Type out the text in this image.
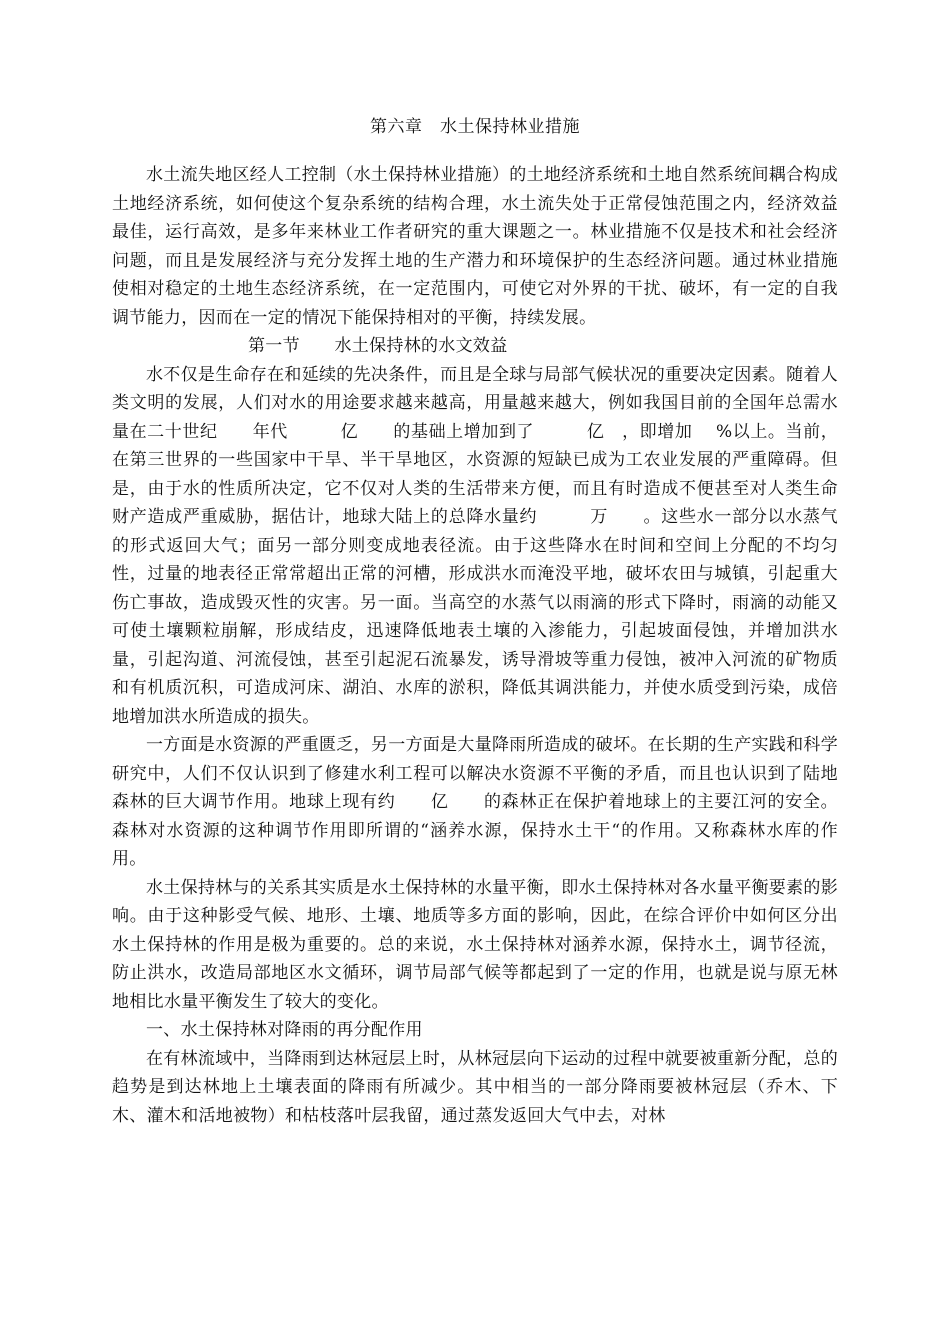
第六章　水土保持林业措施

水土流失地区经人工控制（水土保持林业措施）的土地经济系统和土地自然系统间耦合构成土地经济系统，如何使这个复杂系统的结构合理，水土流失处于正常侵蚀范围之内，经济效益最佳，运行高效，是多年来林业工作者研究的重大课题之一。林业措施不仅是技术和社会经济问题，而且是发展经济与充分发挥土地的生产潜力和环境保护的生态经济问题。通过林业措施使相对稳定的土地生态经济系统，在一定范围内，可使它对外界的干扰、破坏，有一定的自我调节能力，因而在一定的情况下能保持相对的平衡，持续发展。

第一节　　水土保持林的水文效益

水不仅是生命存在和延续的先决条件，而且是全球与局部气候状况的重要决定因素。随着人类文明的发展，人们对水的用途要求越来越高，用量越来越大，例如我国目前的全国年总需水量在二十世纪　　年代　　　亿　　的基础上增加到了　　　亿　，即增加　 %以上。当前，在第三世界的一些国家中干旱、半干旱地区，水资源的短缺已成为工农业发展的严重障碍。但是，由于水的性质所决定，它不仅对人类的生活带来方便，而且有时造成不便甚至对人类生命财产造成严重威胁，据估计，地球大陆上的总降水量约　　　万　　。这些水一部分以水蒸气的形式返回大气；面另一部分则变成地表径流。由于这些降水在时间和空间上分配的不均匀性，过量的地表径正常常超出正常的河槽，形成洪水而淹没平地，破坏农田与城镇，引起重大伤亡事故，造成毁灭性的灾害。另一面。当高空的水蒸气以雨滴的形式下降时，雨滴的动能又可使土壤颗粒崩解，形成结皮，迅速降低地表土壤的入渗能力，引起坡面侵蚀，并增加洪水量，引起沟道、河流侵蚀，甚至引起泥石流暴发，诱导滑坡等重力侵蚀，被冲入河流的矿物质和有机质沉积，可造成河床、湖泊、水库的淤积，降低其调洪能力，并使水质受到污染，成倍地增加洪水所造成的损失。

一方面是水资源的严重匮乏，另一方面是大量降雨所造成的破坏。在长期的生产实践和科学研究中，人们不仅认识到了修建水利工程可以解决水资源不平衡的矛盾，而且也认识到了陆地森林的巨大调节作用。地球上现有约　　亿　　的森林正在保护着地球上的主要江河的安全。森林对水资源的这种调节作用即所谓的“涵养水源，保持水土干“的作用。又称森林水库的作用。

水土保持林与的关系其实质是水土保持林的水量平衡，即水土保持林对各水量平衡要素的影响。由于这种影受气候、地形、土壤、地质等多方面的影响，因此，在综合评价中如何区分出水土保持林的作用是极为重要的。总的来说，水土保持林对涵养水源，保持水土，调节径流，防止洪水，改造局部地区水文循环，调节局部气候等都起到了一定的作用，也就是说与原无林地相比水量平衡发生了较大的变化。

一、水土保持林对降雨的再分配作用

在有林流域中，当降雨到达林冠层上时，从林冠层向下运动的过程中就要被重新分配，总的趋势是到达林地上土壤表面的降雨有所减少。其中相当的一部分降雨要被林冠层（乔木、下木、灌木和活地被物）和枯枝落叶层我留，通过蒸发返回大气中去，对林
